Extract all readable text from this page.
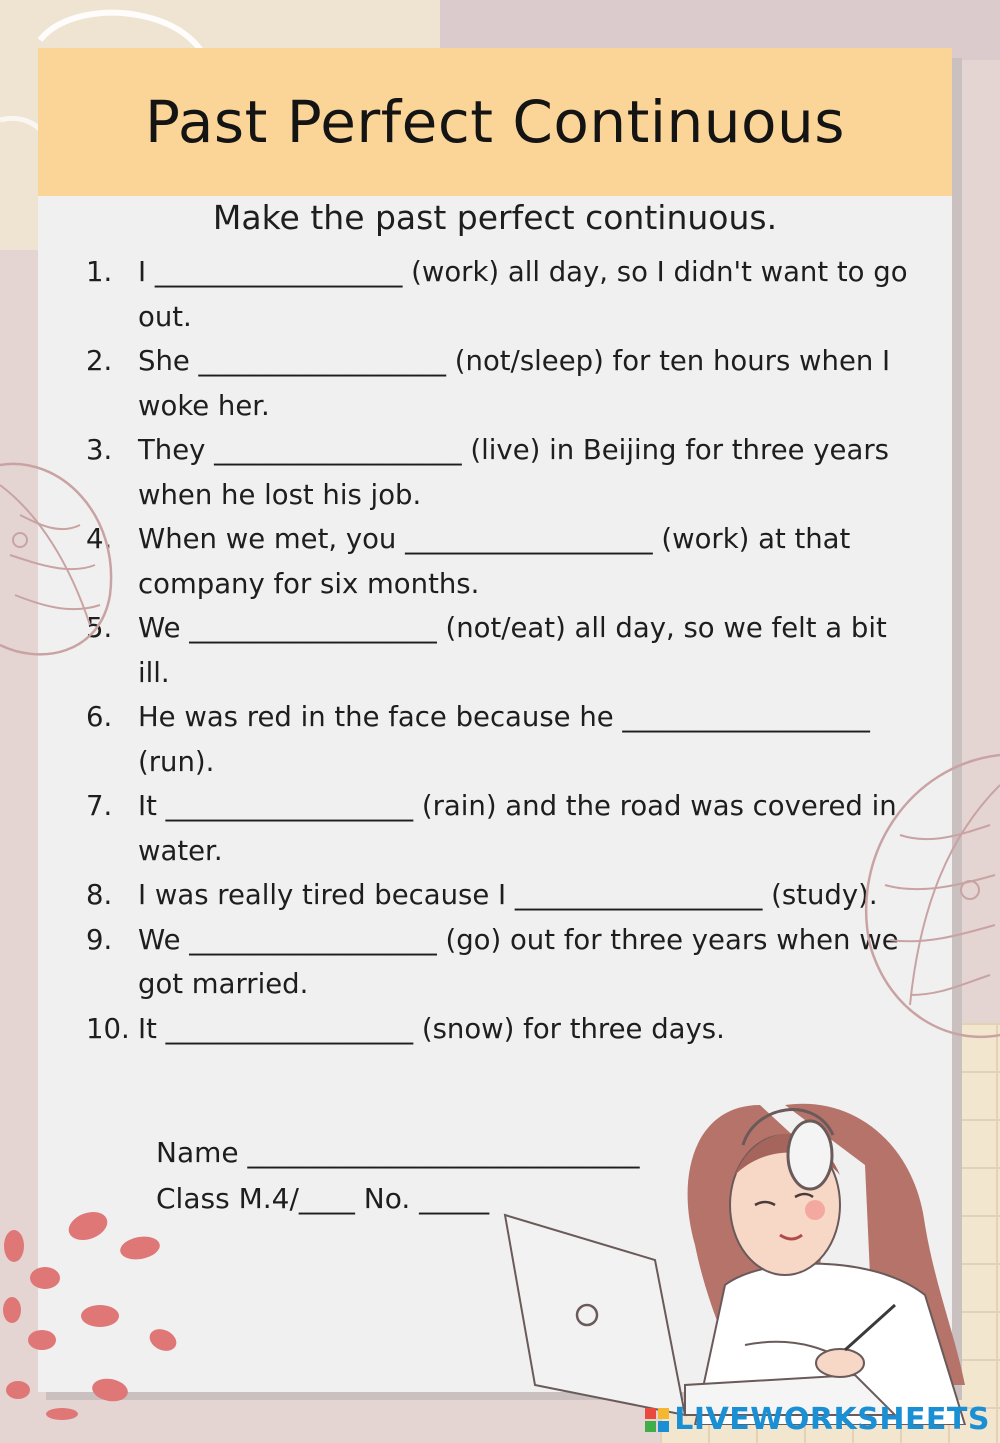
Past Perfect Continuous
Make the past perfect continuous.
1. I __________________ (work) all day, so I didn't want to go out.
2. She __________________ (not/sleep) for ten hours when I woke her.
3. They __________________ (live) in Beijing for three years when he lost his job.
4. When we met, you __________________ (work) at that company for six months.
5. We __________________ (not/eat) all day, so we felt a bit ill.
6. He was red in the face because he __________________ (run).
7. It __________________ (rain) and the road was covered in water.
8. I was really tired because I __________________ (study).
9. We __________________ (go) out for three years when we got married.
10. It __________________ (snow) for three days.
Name ____________________________
Class M.4/____ No. _____
LIVEWORKSHEETS
